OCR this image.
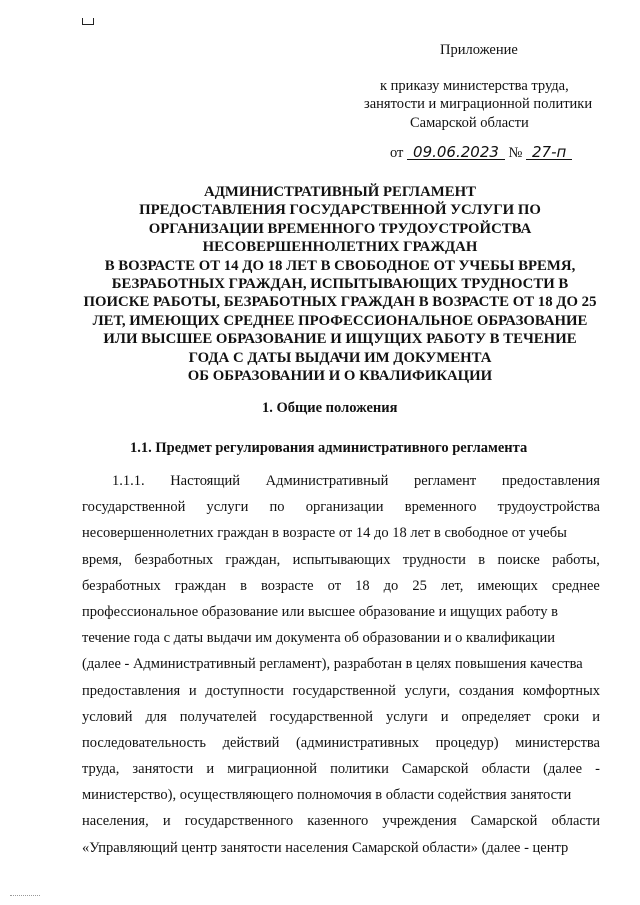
Приложение
к приказу министерства труда,
занятости и миграционной политики
Самарской области
от 09.06.2023 № 27-п
АДМИНИСТРАТИВНЫЙ РЕГЛАМЕНТ
ПРЕДОСТАВЛЕНИЯ ГОСУДАРСТВЕННОЙ УСЛУГИ ПО
ОРГАНИЗАЦИИ ВРЕМЕННОГО ТРУДОУСТРОЙСТВА
НЕСОВЕРШЕННОЛЕТНИХ ГРАЖДАН
В ВОЗРАСТЕ ОТ 14 ДО 18 ЛЕТ В СВОБОДНОЕ ОТ УЧЕБЫ ВРЕМЯ,
БЕЗРАБОТНЫХ ГРАЖДАН, ИСПЫТЫВАЮЩИХ ТРУДНОСТИ В
ПОИСКЕ РАБОТЫ, БЕЗРАБОТНЫХ ГРАЖДАН В ВОЗРАСТЕ ОТ 18 ДО 25
ЛЕТ, ИМЕЮЩИХ СРЕДНЕЕ ПРОФЕССИОНАЛЬНОЕ ОБРАЗОВАНИЕ
ИЛИ ВЫСШЕЕ ОБРАЗОВАНИЕ И ИЩУЩИХ РАБОТУ В ТЕЧЕНИЕ
ГОДА С ДАТЫ ВЫДАЧИ ИМ ДОКУМЕНТА
ОБ ОБРАЗОВАНИИ И О КВАЛИФИКАЦИИ
1. Общие положения
1.1. Предмет регулирования административного регламента
1.1.1. Настоящий Административный регламент предоставления
государственной услуги по организации временного трудоустройства
несовершеннолетних граждан в возрасте от 14 до 18 лет в свободное от учебы
время, безработных граждан, испытывающих трудности в поиске работы,
безработных граждан в возрасте от 18 до 25 лет, имеющих среднее
профессиональное образование или высшее образование и ищущих работу в
течение года с даты выдачи им документа об образовании и о квалификации
(далее - Административный регламент), разработан в целях повышения качества
предоставления и доступности государственной услуги, создания комфортных
условий для получателей государственной услуги и определяет сроки и
последовательность действий (административных процедур) министерства
труда, занятости и миграционной политики Самарской области (далее -
министерство), осуществляющего полномочия в области содействия занятости
населения, и государственного казенного учреждения Самарской области
«Управляющий центр занятости населения Самарской области» (далее - центр
